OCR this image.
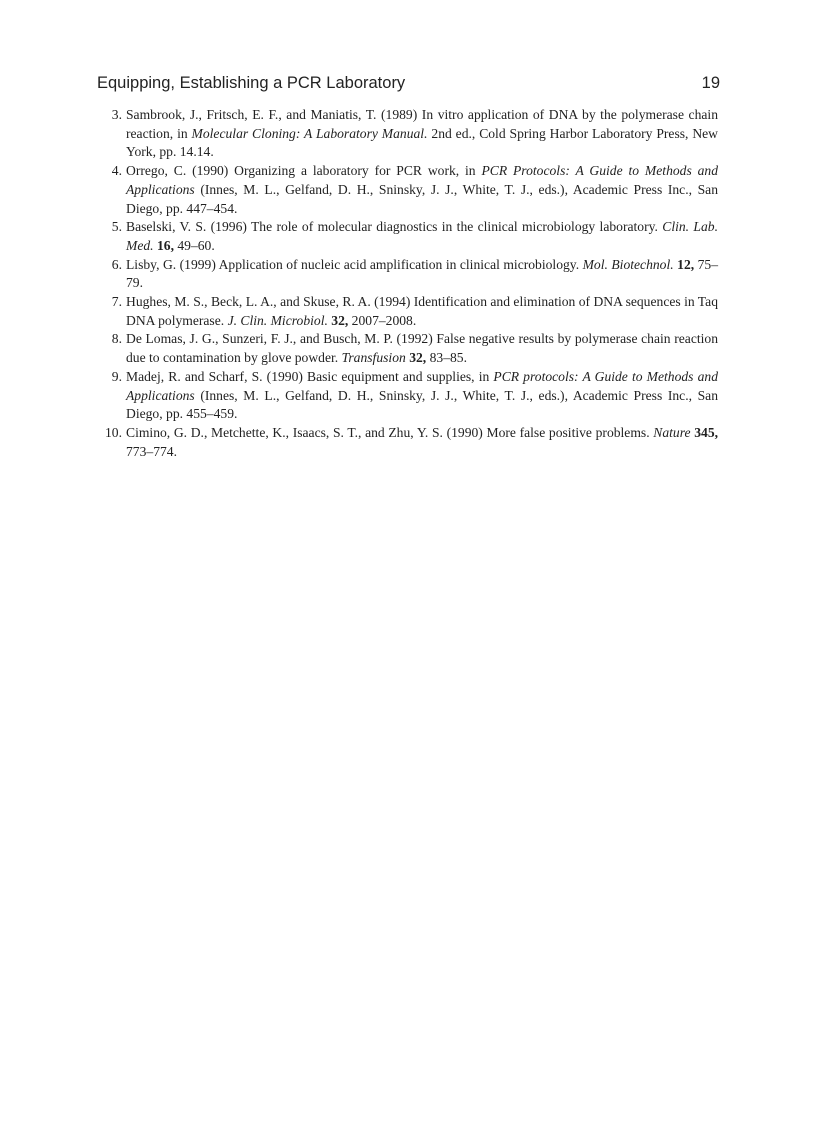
Equipping, Establishing a PCR Laboratory	19
3. Sambrook, J., Fritsch, E. F., and Maniatis, T. (1989) In vitro application of DNA by the polymerase chain reaction, in Molecular Cloning: A Laboratory Manual. 2nd ed., Cold Spring Harbor Laboratory Press, New York, pp. 14.14.
4. Orrego, C. (1990) Organizing a laboratory for PCR work, in PCR Protocols: A Guide to Methods and Applications (Innes, M. L., Gelfand, D. H., Sninsky, J. J., White, T. J., eds.), Academic Press Inc., San Diego, pp. 447–454.
5. Baselski, V. S. (1996) The role of molecular diagnostics in the clinical microbiology laboratory. Clin. Lab. Med. 16, 49–60.
6. Lisby, G. (1999) Application of nucleic acid amplification in clinical microbiology. Mol. Biotechnol. 12, 75–79.
7. Hughes, M. S., Beck, L. A., and Skuse, R. A. (1994) Identification and elimination of DNA sequences in Taq DNA polymerase. J. Clin. Microbiol. 32, 2007–2008.
8. De Lomas, J. G., Sunzeri, F. J., and Busch, M. P. (1992) False negative results by polymerase chain reaction due to contamination by glove powder. Transfusion 32, 83–85.
9. Madej, R. and Scharf, S. (1990) Basic equipment and supplies, in PCR protocols: A Guide to Methods and Applications (Innes, M. L., Gelfand, D. H., Sninsky, J. J., White, T. J., eds.), Academic Press Inc., San Diego, pp. 455–459.
10. Cimino, G. D., Metchette, K., Isaacs, S. T., and Zhu, Y. S. (1990) More false positive problems. Nature 345, 773–774.
